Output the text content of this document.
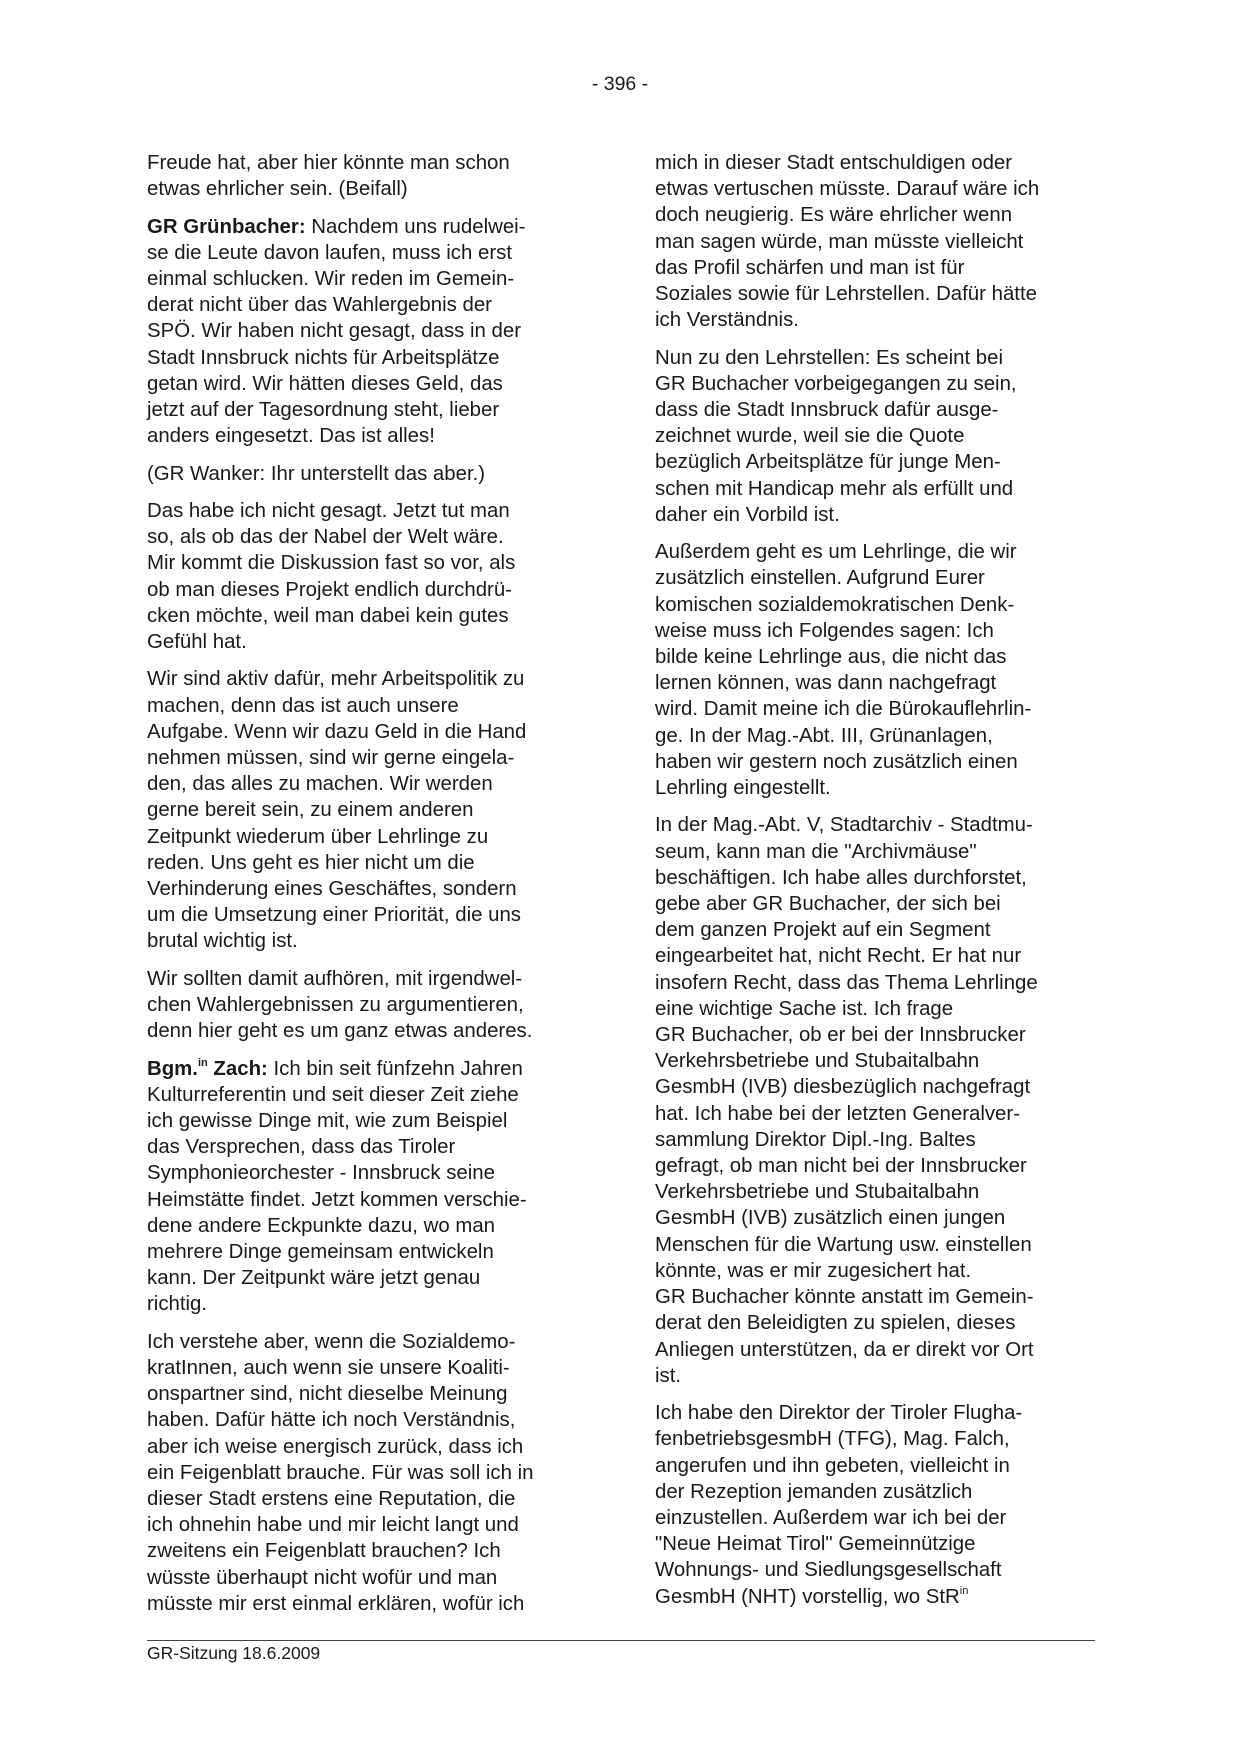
- 396 -
Freude hat, aber hier könnte man schon
etwas ehrlicher sein. (Beifall)
GR Grünbacher: Nachdem uns rudelwei-
se die Leute davon laufen, muss ich erst
einmal schlucken. Wir reden im Gemein-
derat nicht über das Wahlergebnis der
SPÖ. Wir haben nicht gesagt, dass in der
Stadt Innsbruck nichts für Arbeitsplätze
getan wird. Wir hätten dieses Geld, das
jetzt auf der Tagesordnung steht, lieber
anders eingesetzt. Das ist alles!
(GR Wanker: Ihr unterstellt das aber.)
Das habe ich nicht gesagt. Jetzt tut man
so, als ob das der Nabel der Welt wäre.
Mir kommt die Diskussion fast so vor, als
ob man dieses Projekt endlich durchdrü-
cken möchte, weil man dabei kein gutes
Gefühl hat.
Wir sind aktiv dafür, mehr Arbeitspolitik zu
machen, denn das ist auch unsere
Aufgabe. Wenn wir dazu Geld in die Hand
nehmen müssen, sind wir gerne eingela-
den, das alles zu machen. Wir werden
gerne bereit sein, zu einem anderen
Zeitpunkt wiederum über Lehrlinge zu
reden. Uns geht es hier nicht um die
Verhinderung eines Geschäftes, sondern
um die Umsetzung einer Priorität, die uns
brutal wichtig ist.
Wir sollten damit aufhören, mit irgendwel-
chen Wahlergebnissen zu argumentieren,
denn hier geht es um ganz etwas anderes.
Bgm.$^{in}$ Zach: Ich bin seit fünfzehn Jahren
Kulturreferentin und seit dieser Zeit ziehe
ich gewisse Dinge mit, wie zum Beispiel
das Versprechen, dass das Tiroler
Symphonieorchester - Innsbruck seine
Heimstätte findet. Jetzt kommen verschie-
dene andere Eckpunkte dazu, wo man
mehrere Dinge gemeinsam entwickeln
kann. Der Zeitpunkt wäre jetzt genau
richtig.
Ich verstehe aber, wenn die Sozialdemo-
kratInnen, auch wenn sie unsere Koaliti-
onspartner sind, nicht dieselbe Meinung
haben. Dafür hätte ich noch Verständnis,
aber ich weise energisch zurück, dass ich
ein Feigenblatt brauche. Für was soll ich in
dieser Stadt erstens eine Reputation, die
ich ohnehin habe und mir leicht langt und
zweitens ein Feigenblatt brauchen? Ich
wüsste überhaupt nicht wofür und man
müsste mir erst einmal erklären, wofür ich
mich in dieser Stadt entschuldigen oder
etwas vertuschen müsste. Darauf wäre ich
doch neugierig. Es wäre ehrlicher wenn
man sagen würde, man müsste vielleicht
das Profil schärfen und man ist für
Soziales sowie für Lehrstellen. Dafür hätte
ich Verständnis.
Nun zu den Lehrstellen: Es scheint bei
GR Buchacher vorbeigegangen zu sein,
dass die Stadt Innsbruck dafür ausge-
zeichnet wurde, weil sie die Quote
bezüglich Arbeitsplätze für junge Men-
schen mit Handicap mehr als erfüllt und
daher ein Vorbild ist.
Außerdem geht es um Lehrlinge, die wir
zusätzlich einstellen. Aufgrund Eurer
komischen sozialdemokratischen Denk-
weise muss ich Folgendes sagen: Ich
bilde keine Lehrlinge aus, die nicht das
lernen können, was dann nachgefragt
wird. Damit meine ich die Bürokauflehrlin-
ge. In der Mag.-Abt. III, Grünanlagen,
haben wir gestern noch zusätzlich einen
Lehrling eingestellt.
In der Mag.-Abt. V, Stadtarchiv - Stadtmu-
seum, kann man die "Archivmäuse"
beschäftigen. Ich habe alles durchforstet,
gebe aber GR Buchacher, der sich bei
dem ganzen Projekt auf ein Segment
eingearbeitet hat, nicht Recht. Er hat nur
insofern Recht, dass das Thema Lehrlinge
eine wichtige Sache ist. Ich frage
GR Buchacher, ob er bei der Innsbrucker
Verkehrsbetriebe und Stubaitalbahn
GesmbH (IVB) diesbezüglich nachgefragt
hat. Ich habe bei der letzten Generalver-
sammlung Direktor Dipl.-Ing. Baltes
gefragt, ob man nicht bei der Innsbrucker
Verkehrsbetriebe und Stubaitalbahn
GesmbH (IVB) zusätzlich einen jungen
Menschen für die Wartung usw. einstellen
könnte, was er mir zugesichert hat.
GR Buchacher könnte anstatt im Gemein-
derat den Beleidigten zu spielen, dieses
Anliegen unterstützen, da er direkt vor Ort
ist.
Ich habe den Direktor der Tiroler Flugha-
fenbetriebsgesmbH (TFG), Mag. Falch,
angerufen und ihn gebeten, vielleicht in
der Rezeption jemanden zusätzlich
einzustellen. Außerdem war ich bei der
"Neue Heimat Tirol" Gemeinnützige
Wohnungs- und Siedlungsgesellschaft
GesmbH (NHT) vorstellig, wo StR$^{in}$
GR-Sitzung 18.6.2009
